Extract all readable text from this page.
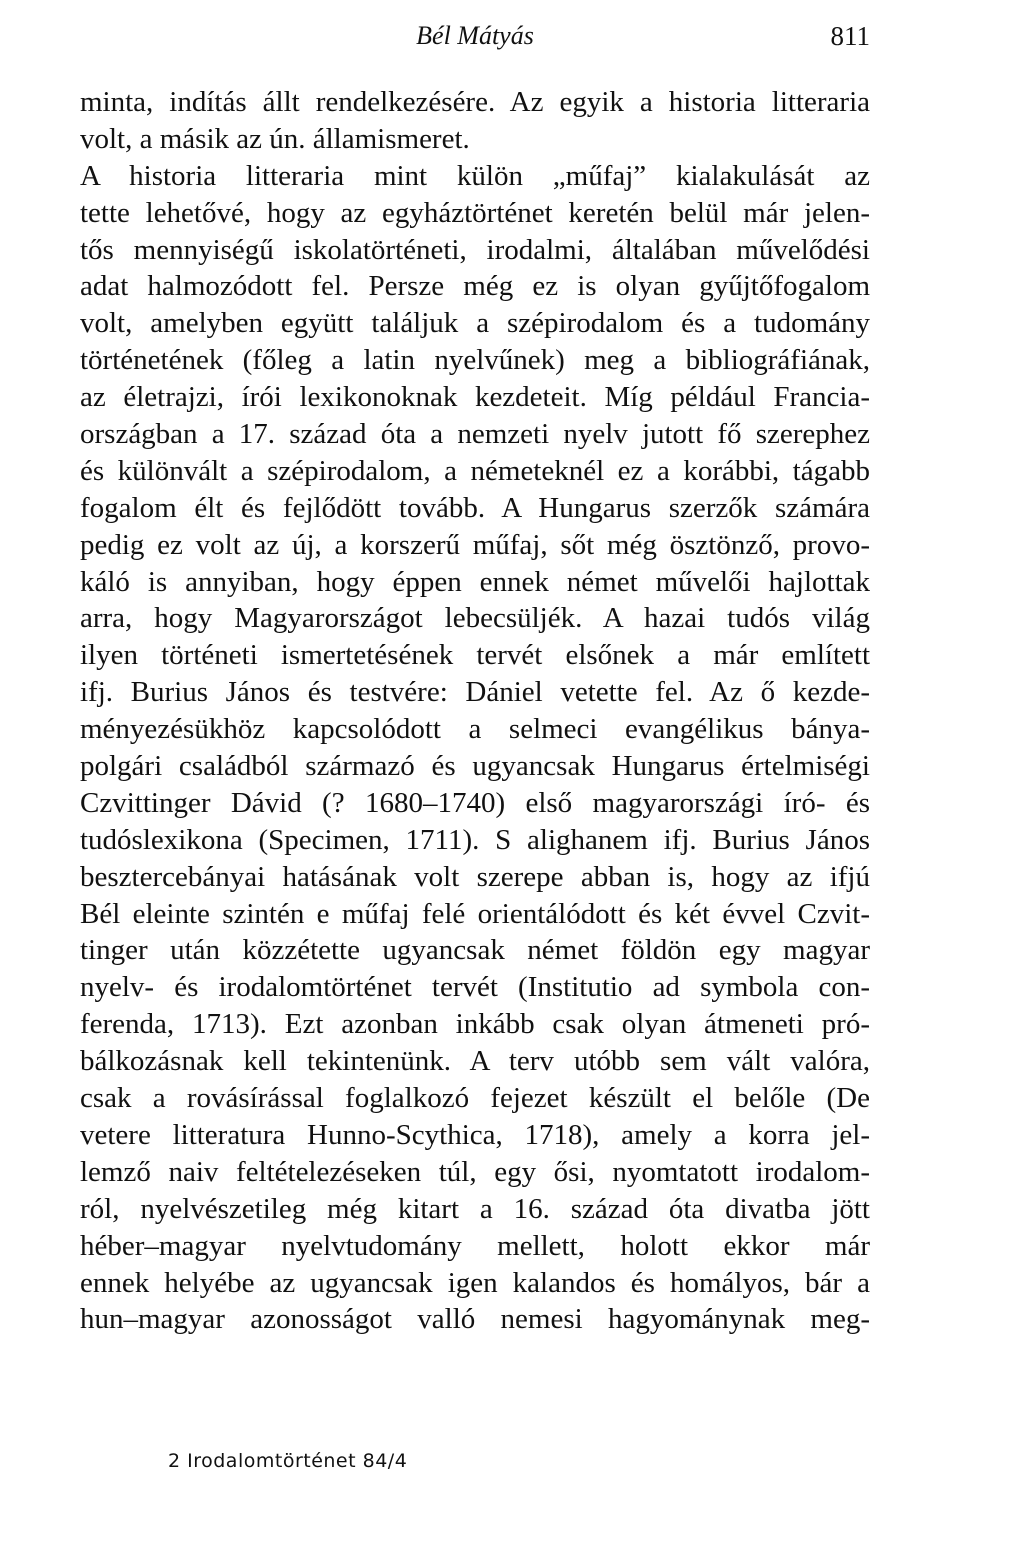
Bél Mátyás	811
minta, indítás állt rendelkezésére. Az egyik a historia litteraria
volt, a másik az ún. államismeret.
A historia litteraria mint külön „műfaj” kialakulását az
tette lehetővé, hogy az egyháztörténet keretén belül már jelen-
tős mennyiségű iskolatörténeti, irodalmi, általában művelődési
adat halmozódott fel. Persze még ez is olyan gyűjtőfogalom
volt, amelyben együtt találjuk a szépirodalom és a tudomány
történetének (főleg a latin nyelvűnek) meg a bibliográfiának,
az életrajzi, írói lexikonoknak kezdeteit. Míg például Francia-
országban a 17. század óta a nemzeti nyelv jutott fő szerephez
és különvált a szépirodalom, a németeknél ez a korábbi, tágabb
fogalom élt és fejlődött tovább. A Hungarus szerzők számára
pedig ez volt az új, a korszerű műfaj, sőt még ösztönző, provo-
káló is annyiban, hogy éppen ennek német művelői hajlottak
arra, hogy Magyarországot lebecsüljék. A hazai tudós világ
ilyen történeti ismertetésének tervét elsőnek a már említett
ifj. Burius János és testvére: Dániel vetette fel. Az ő kezde-
ményezésükhöz kapcsolódott a selmeci evangélikus bánya-
polgári családból származó és ugyancsak Hungarus értelmiségi
Czvittinger Dávid (? 1680–1740) első magyarországi író- és
tudóslexikona (Specimen, 1711). S alighanem ifj. Burius János
besztercebányai hatásának volt szerepe abban is, hogy az ifjú
Bél eleinte szintén e műfaj felé orientálódott és két évvel Czvit-
tinger után közzétette ugyancsak német földön egy magyar
nyelv- és irodalomtörténet tervét (Institutio ad symbola con-
ferenda, 1713). Ezt azonban inkább csak olyan átmeneti pró-
bálkozásnak kell tekintenünk. A terv utóbb sem vált valóra,
csak a rovásírással foglalkozó fejezet készült el belőle (De
vetere litteratura Hunno-Scythica, 1718), amely a korra jel-
lemző naiv feltételezéseken túl, egy ősi, nyomtatott irodalom-
ról, nyelvészetileg még kitart a 16. század óta divatba jött
héber–magyar nyelvtudomány mellett, holott ekkor már
ennek helyébe az ugyancsak igen kalandos és homályos, bár a
hun–magyar azonosságot valló nemesi hagyománynak meg-
2 Irodalomtörténet 84/4
